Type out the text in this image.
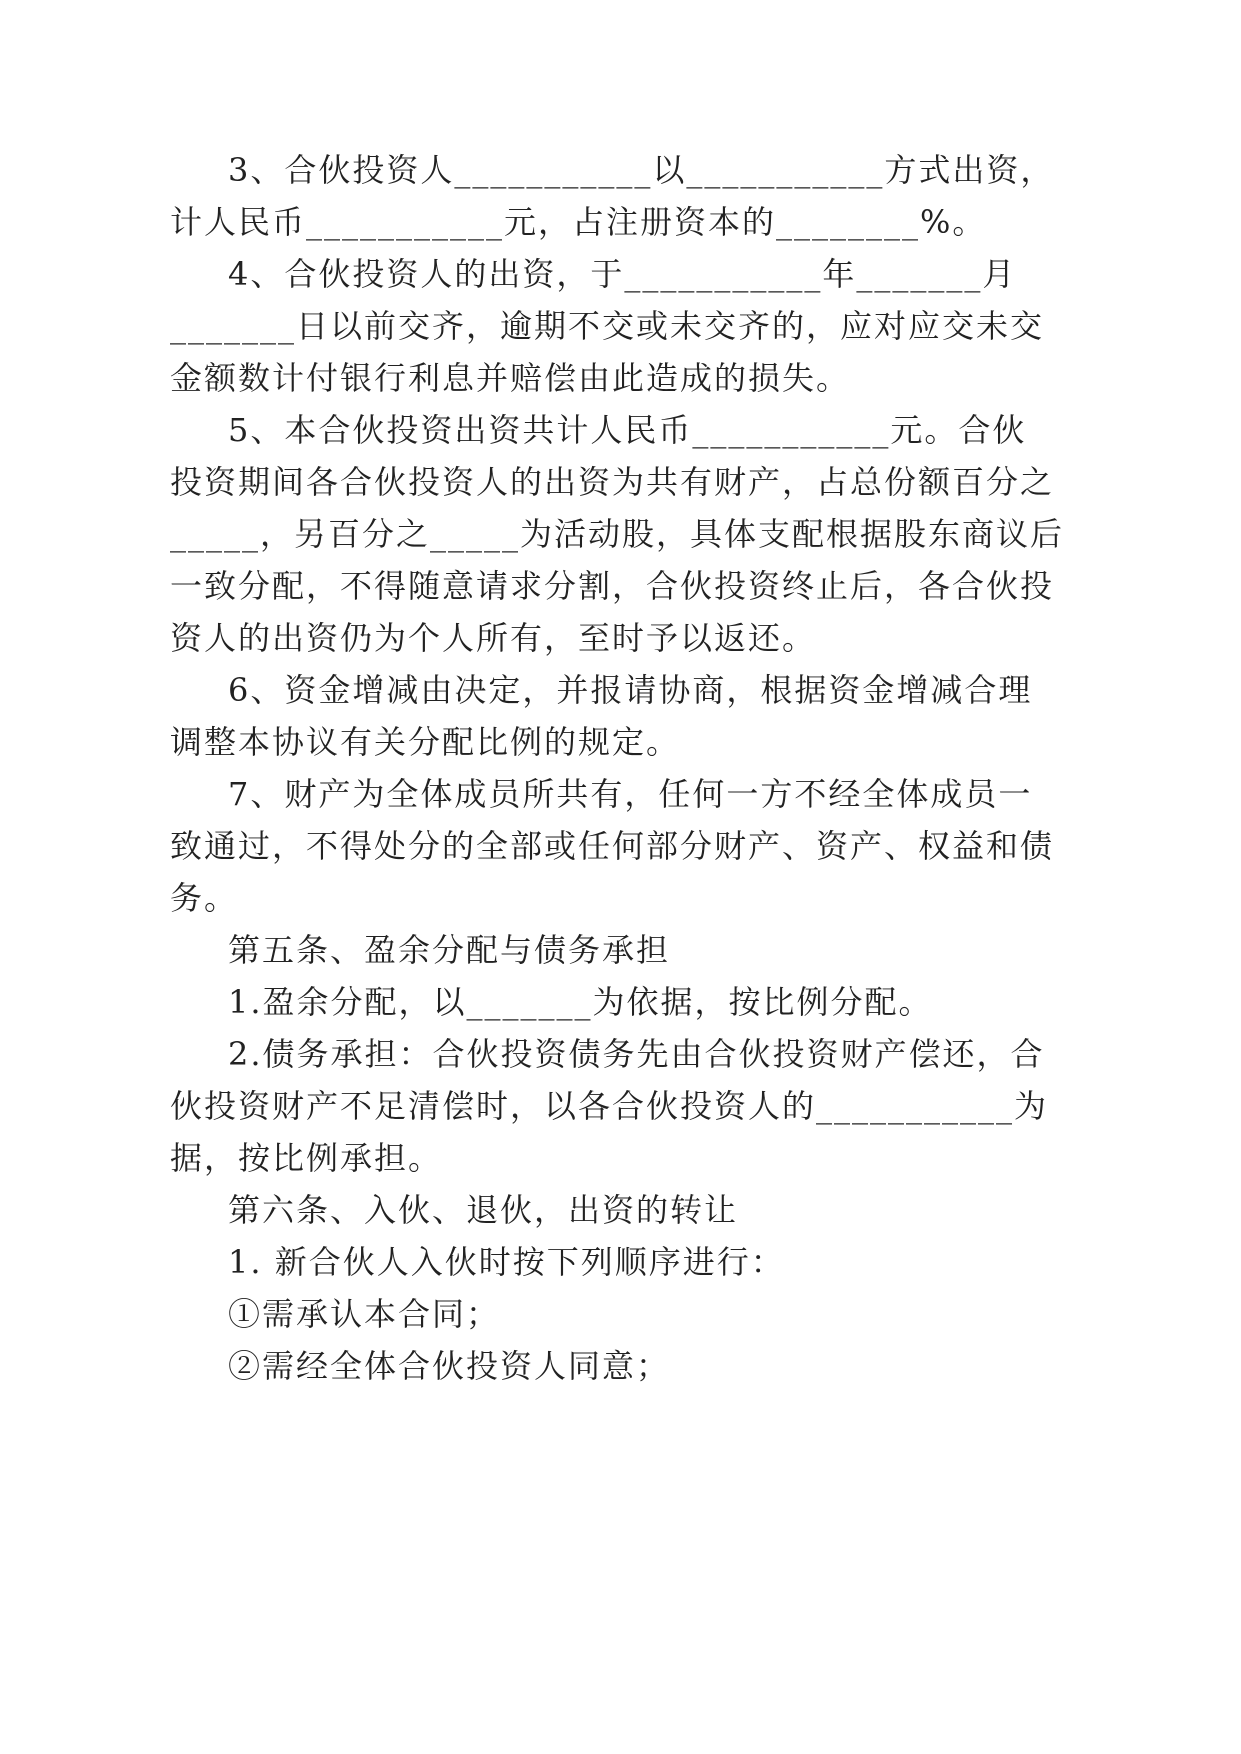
3、合伙投资人___________以___________方式出资，

计人民币___________元，占注册资本的________%。

4、合伙投资人的出资，于___________年_______月

_______日以前交齐，逾期不交或未交齐的，应对应交未交

金额数计付银行利息并赔偿由此造成的损失。

5、本合伙投资出资共计人民币___________元。合伙

投资期间各合伙投资人的出资为共有财产，占总份额百分之

_____，另百分之_____为活动股，具体支配根据股东商议后

一致分配，不得随意请求分割，合伙投资终止后，各合伙投

资人的出资仍为个人所有，至时予以返还。

6、资金增减由决定，并报请协商，根据资金增减合理

调整本协议有关分配比例的规定。

7、财产为全体成员所共有，任何一方不经全体成员一

致通过，不得处分的全部或任何部分财产、资产、权益和债

务。

第五条、盈余分配与债务承担

1.盈余分配，以_______为依据，按比例分配。

2.债务承担：合伙投资债务先由合伙投资财产偿还，合

伙投资财产不足清偿时，以各合伙投资人的___________为

据，按比例承担。

第六条、入伙、退伙，出资的转让

1. 新合伙人入伙时按下列顺序进行：

①需承认本合同；

②需经全体合伙投资人同意；
